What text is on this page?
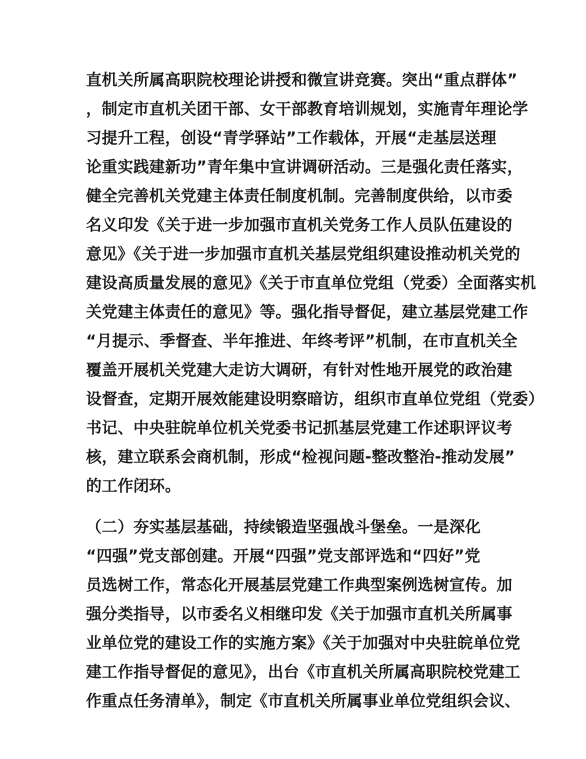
直机关所属高职院校理论讲授和微宣讲竞赛。突出“重点群体”
，制定市直机关团干部、女干部教育培训规划，实施青年理论学
习提升工程，创设“青学驿站”工作载体，开展“走基层送理
论重实践建新功”青年集中宣讲调研活动。三是强化责任落实，
健全完善机关党建主体责任制度机制。完善制度供给，以市委
名义印发《关于进一步加强市直机关党务工作人员队伍建设的
意见》《关于进一步加强市直机关基层党组织建设推动机关党的
建设高质量发展的意见》《关于市直单位党组（党委）全面落实机
关党建主体责任的意见》等。强化指导督促，建立基层党建工作
“月提示、季督查、半年推进、年终考评”机制，在市直机关全
覆盖开展机关党建大走访大调研，有针对性地开展党的政治建
设督查，定期开展效能建设明察暗访，组织市直单位党组（党委）
书记、中央驻皖单位机关党委书记抓基层党建工作述职评议考
核，建立联系会商机制，形成“检视问题-整改整治-推动发展”
的工作闭环。
（二）夯实基层基础，持续锻造坚强战斗堡垒。一是深化
“四强”党支部创建。开展“四强”党支部评选和“四好”党
员选树工作，常态化开展基层党建工作典型案例选树宣传。加
强分类指导，以市委名义相继印发《关于加强市直机关所属事
业单位党的建设工作的实施方案》《关于加强对中央驻皖单位党
建工作指导督促的意见》，出台《市直机关所属高职院校党建工
作重点任务清单》，制定《市直机关所属事业单位党组织会议、
